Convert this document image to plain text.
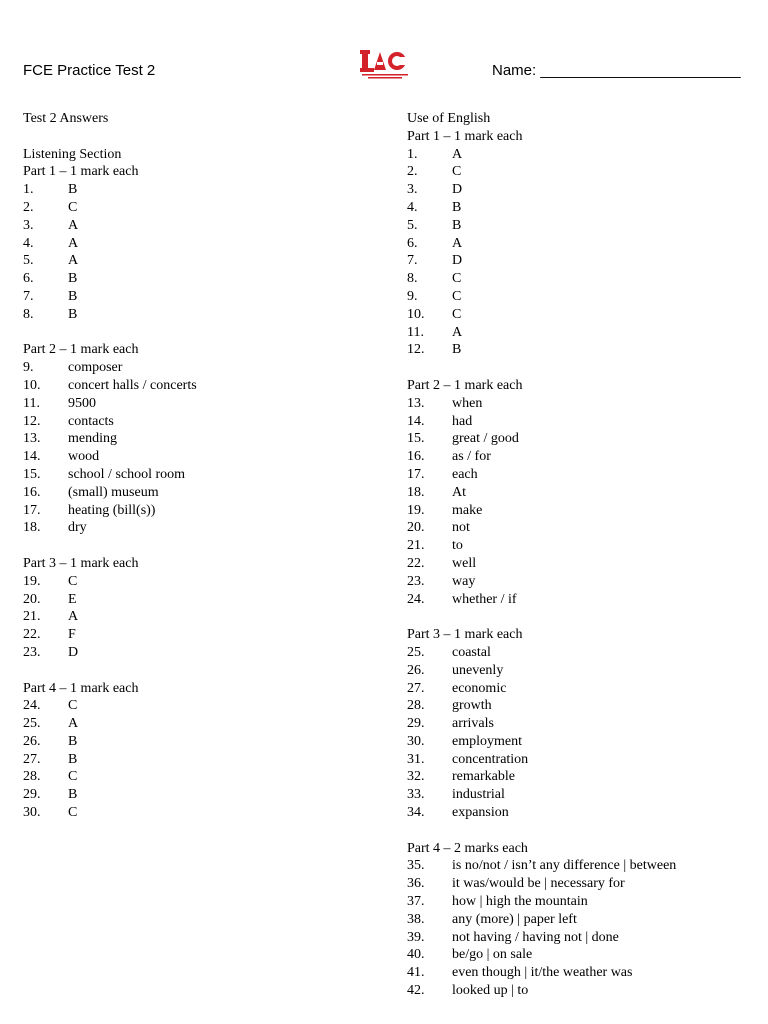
FCE Practice Test 2	Name: ________________________
Test 2 Answers
Listening Section
Part 1 – 1 mark each
1.	B
2.	C
3.	A
4.	A
5.	A
6.	B
7.	B
8.	B
Part 2 – 1 mark each
9.	composer
10.	concert halls / concerts
11.	9500
12.	contacts
13.	mending
14.	wood
15.	school / school room
16.	(small) museum
17.	heating (bill(s))
18.	dry
Part 3 – 1 mark each
19.	C
20.	E
21.	A
22.	F
23.	D
Part 4 – 1 mark each
24.	C
25.	A
26.	B
27.	B
28.	C
29.	B
30.	C
Use of English
Part 1 – 1 mark each
1.	A
2.	C
3.	D
4.	B
5.	B
6.	A
7.	D
8.	C
9.	C
10.	C
11.	A
12.	B
Part 2 – 1 mark each
13.	when
14.	had
15.	great / good
16.	as / for
17.	each
18.	At
19.	make
20.	not
21.	to
22.	well
23.	way
24.	whether / if
Part 3 – 1 mark each
25.	coastal
26.	unevenly
27.	economic
28.	growth
29.	arrivals
30.	employment
31.	concentration
32.	remarkable
33.	industrial
34.	expansion
Part 4 – 2 marks each
35.	is no/not / isn’t any difference | between
36.	it was/would be | necessary for
37.	how | high the mountain
38.	any (more) | paper left
39.	not having / having not | done
40.	be/go | on sale
41.	even though | it/the weather was
42.	looked up | to
